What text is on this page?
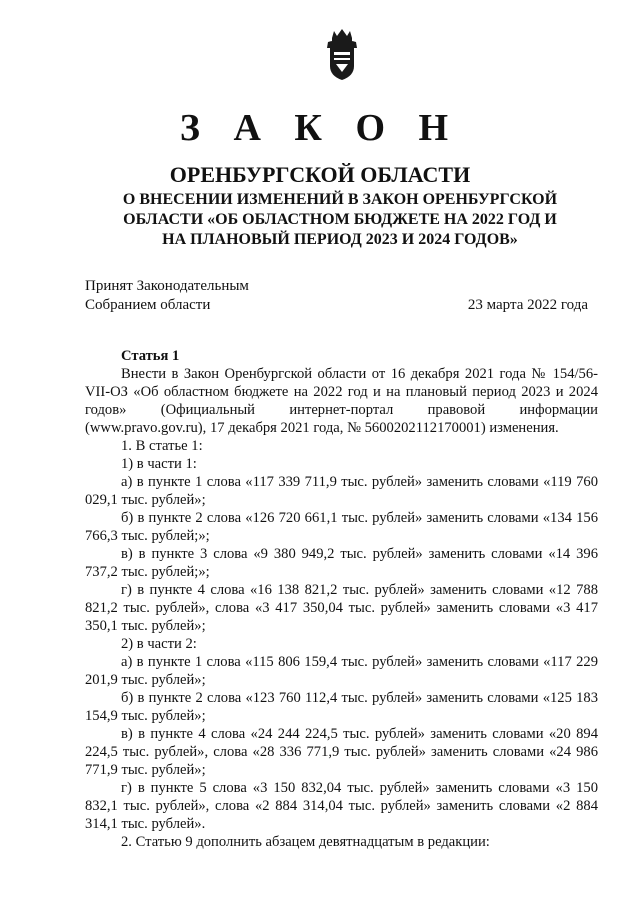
З А К О Н
ОРЕНБУРГСКОЙ ОБЛАСТИ
О ВНЕСЕНИИ ИЗМЕНЕНИЙ В ЗАКОН ОРЕНБУРГСКОЙ ОБЛАСТИ «ОБ ОБЛАСТНОМ БЮДЖЕТЕ НА 2022 ГОД И НА ПЛАНОВЫЙ ПЕРИОД 2023 И 2024 ГОДОВ»
Принят Законодательным
Собранием области	23 марта 2022 года

Статья 1

Внести в Закон Оренбургской области от 16 декабря 2021 года № 154/56-VII-ОЗ «Об областном бюджете на 2022 год и на плановый период 2023 и 2024 годов» (Официальный интернет-портал правовой информации (www.pravo.gov.ru), 17 декабря 2021 года, № 5600202112170001) изменения.

1. В статье 1:

1) в части 1:

а) в пункте 1 слова «117 339 711,9 тыс. рублей» заменить словами «119 760 029,1 тыс. рублей»;

б) в пункте 2 слова «126 720 661,1 тыс. рублей» заменить словами «134 156 766,3 тыс. рублей;»;

в) в пункте 3 слова «9 380 949,2 тыс. рублей» заменить словами «14 396 737,2 тыс. рублей;»;

г) в пункте 4 слова «16 138 821,2 тыс. рублей» заменить словами «12 788 821,2 тыс. рублей», слова «3 417 350,04 тыс. рублей» заменить словами «3 417 350,1 тыс. рублей»;

2) в части 2:

а) в пункте 1 слова «115 806 159,4 тыс. рублей» заменить словами «117 229 201,9 тыс. рублей»;

б) в пункте 2 слова «123 760 112,4 тыс. рублей» заменить словами «125 183 154,9 тыс. рублей»;

в) в пункте 4 слова «24 244 224,5 тыс. рублей» заменить словами «20 894 224,5 тыс. рублей», слова «28 336 771,9 тыс. рублей» заменить словами «24 986 771,9 тыс. рублей»;

г) в пункте 5 слова «3 150 832,04 тыс. рублей» заменить словами «3 150 832,1 тыс. рублей», слова «2 884 314,04 тыс. рублей» заменить словами «2 884 314,1 тыс. рублей».

2. Статью 9 дополнить абзацем девятнадцатым в редакции:
